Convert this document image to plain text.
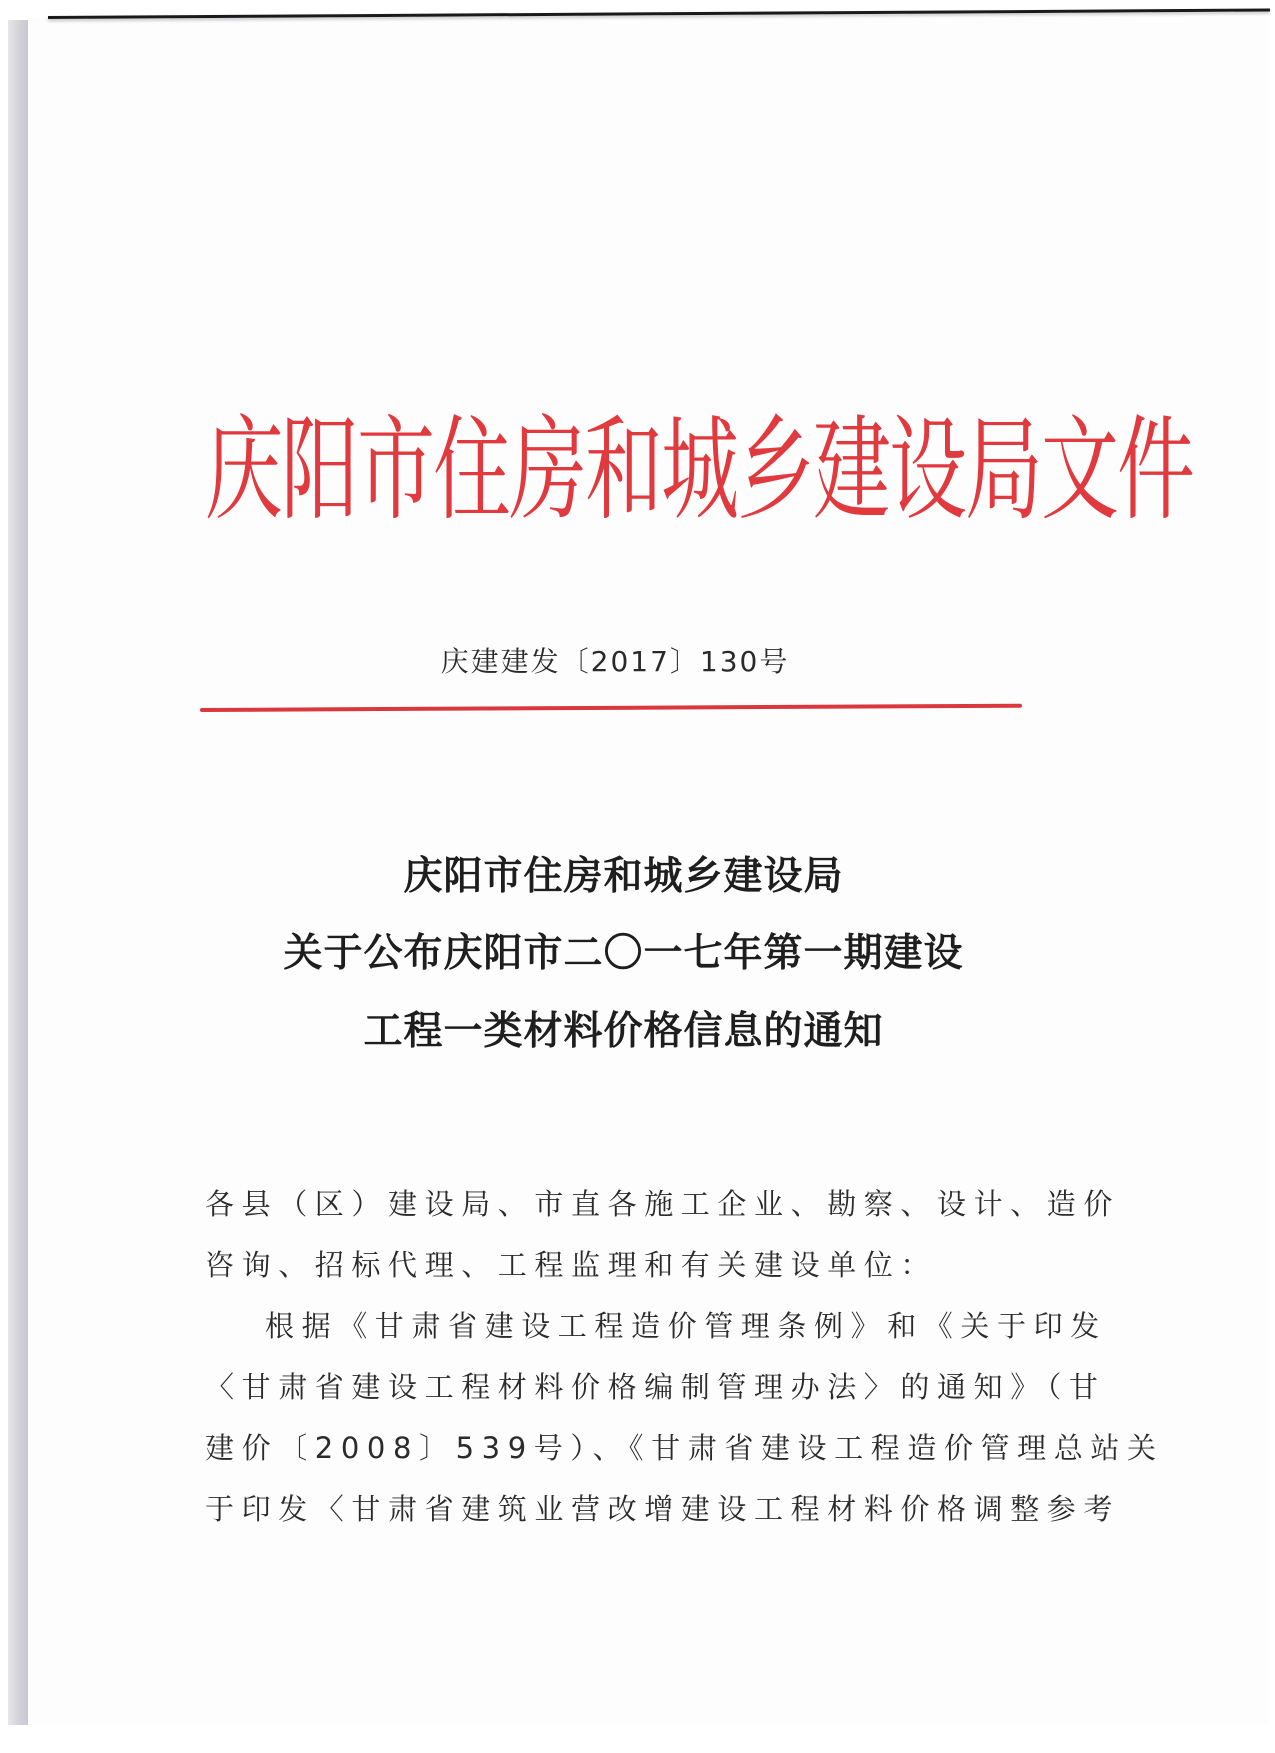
庆阳市住房和城乡建设局文件
庆建建发〔2017〕130号
庆阳市住房和城乡建设局
关于公布庆阳市二〇一七年第一期建设
工程一类材料价格信息的通知
各县（区）建设局、市直各施工企业、勘察、设计、造价
咨询、招标代理、工程监理和有关建设单位：
根据《甘肃省建设工程造价管理条例》和《关于印发
〈甘肃省建设工程材料价格编制管理办法〉的通知》（甘
建价〔2008〕539号）、《甘肃省建设工程造价管理总站关
于印发〈甘肃省建筑业营改增建设工程材料价格调整参考
